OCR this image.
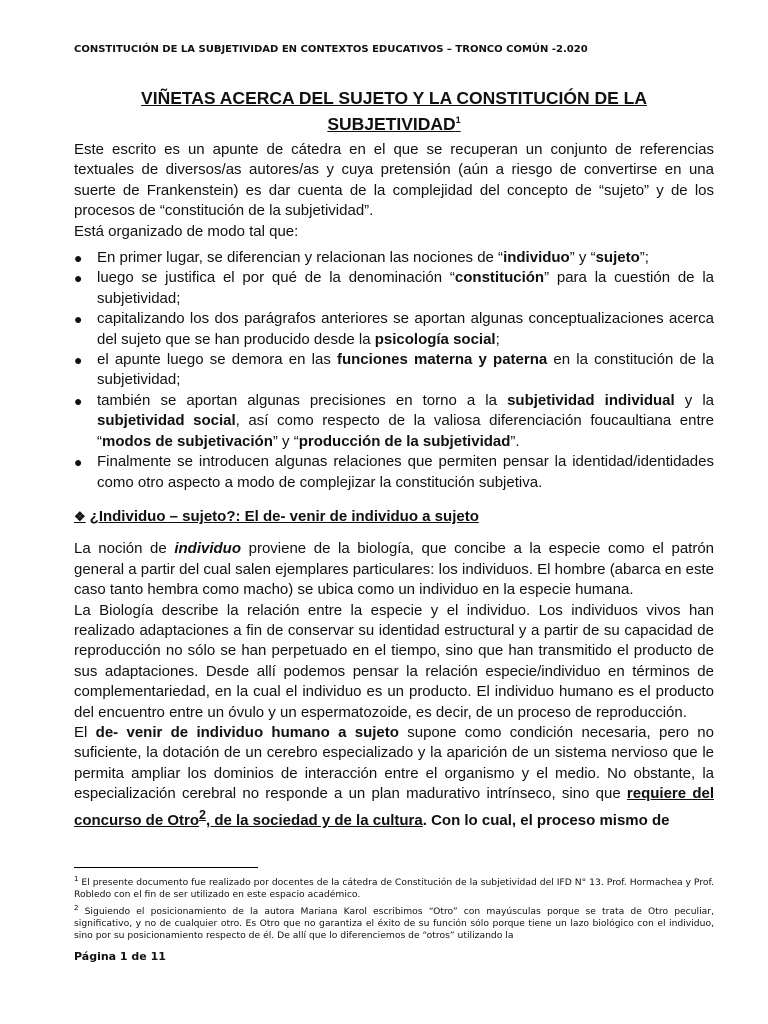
CONSTITUCIÓN DE LA SUBJETIVIDAD EN CONTEXTOS EDUCATIVOS – TRONCO COMÚN -2.020
VIÑETAS ACERCA DEL SUJETO Y LA CONSTITUCIÓN DE LA
SUBJETIVIDAD$^1$

Este escrito es un apunte de cátedra en el que se recuperan un conjunto de referencias textuales de diversos/as autores/as y cuya pretensión (aún a riesgo de convertirse en una suerte de Frankenstein) es dar cuenta de la complejidad del concepto de “sujeto” y de los procesos de “constitución de la subjetividad”.

Está organizado de modo tal que:

● En primer lugar, se diferencian y relacionan las nociones de “individuo” y “sujeto”;
● luego se justifica el por qué de la denominación “constitución” para la cuestión de la subjetividad;
● capitalizando los dos parágrafos anteriores se aportan algunas conceptualizaciones acerca del sujeto que se han producido desde la psicología social;
● el apunte luego se demora en las funciones materna y paterna en la constitución de la subjetividad;
● también se aportan algunas precisiones en torno a la subjetividad individual y la subjetividad social, así como respecto de la valiosa diferenciación foucaultiana entre “modos de subjetivación” y “producción de la subjetividad”.
● Finalmente se introducen algunas relaciones que permiten pensar la identidad/identidades como otro aspecto a modo de complejizar la constitución subjetiva.
❖ ¿Individuo – sujeto?: El de- venir de individuo a sujeto

La noción de individuo proviene de la biología, que concibe a la especie como el patrón general a partir del cual salen ejemplares particulares: los individuos. El hombre (abarca en este caso tanto hembra como macho) se ubica como un individuo en la especie humana.

La Biología describe la relación entre la especie y el individuo. Los individuos vivos han realizado adaptaciones a fin de conservar su identidad estructural y a partir de su capacidad de reproducción no sólo se han perpetuado en el tiempo, sino que han transmitido el producto de sus adaptaciones. Desde allí podemos pensar la relación especie/individuo en términos de complementariedad, en la cual el individuo es un producto. El individuo humano es el producto del encuentro entre un óvulo y un espermatozoide, es decir, de un proceso de reproducción.

El de- venir de individuo humano a sujeto supone como condición necesaria, pero no suficiente, la dotación de un cerebro especializado y la aparición de un sistema nervioso que le permita ampliar los dominios de interacción entre el organismo y el medio. No obstante, la especialización cerebral no responde a un plan madurativo intrínseco, sino que requiere del concurso de Otro$^2$, de la sociedad y de la cultura. Con lo cual, el proceso mismo de

$^1$ El presente documento fue realizado por docentes de la cátedra de Constitución de la subjetividad del IFD N° 13. Prof. Hormachea y Prof. Robledo con el fin de ser utilizado en este espacio académico.

$^2$ Siguiendo el posicionamiento de la autora Mariana Karol escribimos “Otro” con mayúsculas porque se trata de Otro peculiar, significativo, y no de cualquier otro. Es Otro que no garantiza el éxito de su función sólo porque tiene un lazo biológico con el individuo, sino por su posicionamiento respecto de él. De allí que lo diferenciemos de “otros” utilizando la

Página 1 de 11
